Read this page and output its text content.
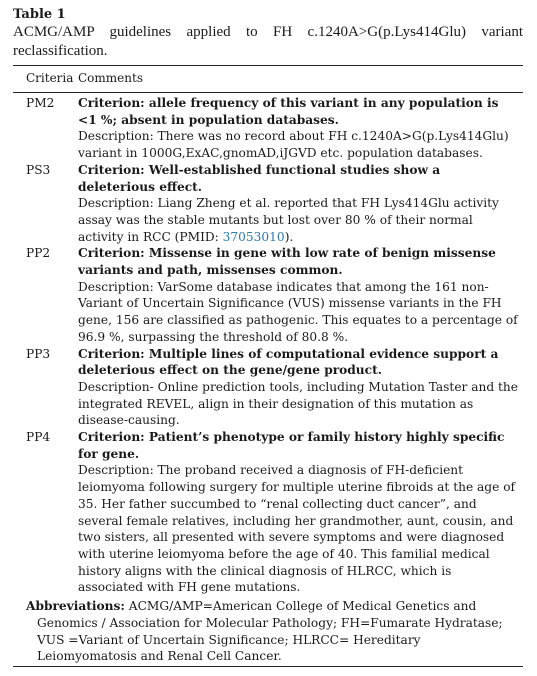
Table 1

ACMG/AMP guidelines applied to FH c.1240A>G(p.Lys414Glu) variant reclassification.

Criteria Comments
PM2	Criterion: allele frequency of this variant in any population is <1 %; absent in population databases.
Description: There was no record about FH c.1240A>G(p.Lys414Glu) variant in 1000G,ExAC,gnomAD,iJGVD etc. population databases.
PS3	Criterion: Well-established functional studies show a deleterious effect.
Description: Liang Zheng et al. reported that FH Lys414Glu activity assay was the stable mutants but lost over 80 % of their normal activity in RCC (PMID: 37053010).
PP2	Criterion: Missense in gene with low rate of benign missense variants and path, missenses common.
Description: VarSome database indicates that among the 161 non-Variant of Uncertain Significance (VUS) missense variants in the FH gene, 156 are classified as pathogenic. This equates to a percentage of 96.9 %, surpassing the threshold of 80.8 %.
PP3	Criterion: Multiple lines of computational evidence support a deleterious effect on the gene/gene product.
Description- Online prediction tools, including Mutation Taster and the integrated REVEL, align in their designation of this mutation as disease-causing.
PP4	Criterion: Patient’s phenotype or family history highly specific for gene.
Description: The proband received a diagnosis of FH-deficient leiomyoma following surgery for multiple uterine fibroids at the age of 35. Her father succumbed to “renal collecting duct cancer”, and several female relatives, including her grandmother, aunt, cousin, and two sisters, all presented with severe symptoms and were diagnosed with uterine leiomyoma before the age of 40. This familial medical history aligns with the clinical diagnosis of HLRCC, which is associated with FH gene mutations.
Abbreviations: ACMG/AMP=American College of Medical Genetics and Genomics / Association for Molecular Pathology; FH=Fumarate Hydratase; VUS =Variant of Uncertain Significance; HLRCC= Hereditary Leiomyomatosis and Renal Cell Cancer.
